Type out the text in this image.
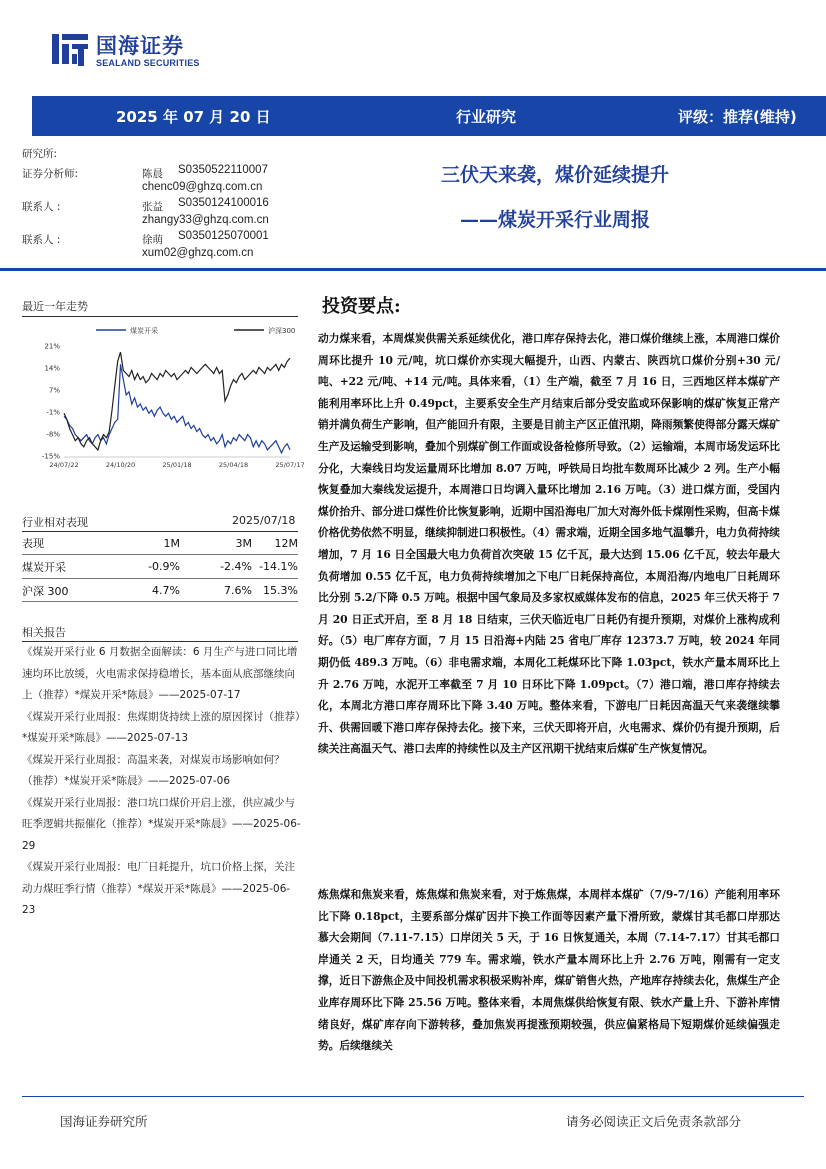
国海证券
SEALAND SECURITIES
2025 年 07 月 20 日	行业研究	评级：推荐(维持)
研究所:
证券分析师:	陈晨 S0350522110007
chenc09@ghzq.com.cn
联系人 :	张益 S0350124100016
zhangy33@ghzq.com.cn
联系人 :	徐萌 S0350125070001
xum02@ghzq.com.cn
三伏天来袭，煤价延续提升
——煤炭开采行业周报
最近一年走势
煤炭开采	沪深300
21%
14%
7%
-1%
-8%
-15%
24/07/22	24/10/20	25/01/18	25/04/18	25/07/17
行业相对表现	2025/07/18
表现	1M	3M	12M
煤炭开采	-0.9%	-2.4%	-14.1%
沪深 300	4.7%	7.6%	15.3%
相关报告

《煤炭开采行业 6 月数据全面解读：6 月生产与进口同比增速均环比放缓，火电需求保持稳增长，基本面从底部继续向上（推荐）*煤炭开采*陈晨》——2025-07-17

《煤炭开采行业周报：焦煤期货持续上涨的原因探讨（推荐）*煤炭开采*陈晨》——2025-07-13

《煤炭开采行业周报：高温来袭，对煤炭市场影响如何？（推荐）*煤炭开采*陈晨》——2025-07-06

《煤炭开采行业周报：港口坑口煤价开启上涨，供应减少与旺季逻辑共振催化（推荐）*煤炭开采*陈晨》——2025-06-29

《煤炭开采行业周报：电厂日耗提升，坑口价格上探，关注动力煤旺季行情（推荐）*煤炭开采*陈晨》——2025-06-23

投资要点:
动力煤来看，本周煤炭供需关系延续优化，港口库存保持去化，港口煤价继续上涨，本周港口煤价周环比提升 10 元/吨，坑口煤价亦实现大幅提升，山西、内蒙古、陕西坑口煤价分别+30 元/吨、+22 元/吨、+14 元/吨。具体来看，（1）生产端，截至 7 月 16 日，三西地区样本煤矿产能利用率环比上升 0.49pct，主要系安全生产月结束后部分受安监或环保影响的煤矿恢复正常产销并满负荷生产影响，但产能回升有限，主要是目前主产区正值汛期，降雨频繁使得部分露天煤矿生产及运输受到影响，叠加个别煤矿倒工作面或设备检修所导致。（2）运输端，本周市场发运环比分化，大秦线日均发运量周环比增加 8.07 万吨，呼铁局日均批车数周环比减少 2 列。生产小幅恢复叠加大秦线发运提升，本周港口日均调入量环比增加 2.16 万吨。（3）进口煤方面，受国内煤价抬升、部分进口煤性价比恢复影响，近期中国沿海电厂加大对海外低卡煤刚性采购，但高卡煤价格优势依然不明显，继续抑制进口积极性。（4）需求端，近期全国多地气温攀升，电力负荷持续增加，7 月 16 日全国最大电力负荷首次突破 15 亿千瓦，最大达到 15.06 亿千瓦，较去年最大负荷增加 0.55 亿千瓦，电力负荷持续增加之下电厂日耗保持高位，本周沿海/内地电厂日耗周环比分别 5.2/下降 0.5 万吨。根据中国气象局及多家权威媒体发布的信息，2025 年三伏天将于 7 月 20 日正式开启，至 8 月 18 日结束，三伏天临近电厂日耗仍有提升预期，对煤价上涨构成利好。（5）电厂库存方面，7 月 15 日沿海+内陆 25 省电厂库存 12373.7 万吨，较 2024 年同期仍低 489.3 万吨。（6）非电需求端，本周化工耗煤环比下降 1.03pct，铁水产量本周环比上升 2.76 万吨，水泥开工率截至 7 月 10 日环比下降 1.09pct。（7）港口端，港口库存持续去化，本周北方港口库存周环比下降 3.40 万吨。整体来看，下游电厂日耗因高温天气来袭继续攀升、供需回暖下港口库存保持去化。接下来，三伏天即将开启，火电需求、煤价仍有提升预期，后续关注高温天气、港口去库的持续性以及主产区汛期干扰结束后煤矿生产恢复情况。
炼焦煤和焦炭来看，炼焦煤和焦炭来看，对于炼焦煤，本周样本煤矿（7/9-7/16）产能利用率环比下降 0.18pct，主要系部分煤矿因井下换工作面等因素产量下滑所致，蒙煤甘其毛都口岸那达慕大会期间（7.11-7.15）口岸闭关 5 天，于 16 日恢复通关，本周（7.14-7.17）甘其毛都口岸通关 2 天，日均通关 779 车。需求端，铁水产量本周环比上升 2.76 万吨，刚需有一定支撑，近日下游焦企及中间投机需求积极采购补库，煤矿销售火热，产地库存持续去化，焦煤生产企业库存周环比下降 25.56 万吨。整体来看，本周焦煤供给恢复有限、铁水产量上升、下游补库情绪良好，煤矿库存向下游转移，叠加焦炭再提涨预期较强，供应偏紧格局下短期煤价延续偏强走势。后续继续关
国海证券研究所	请务必阅读正文后免责条款部分
